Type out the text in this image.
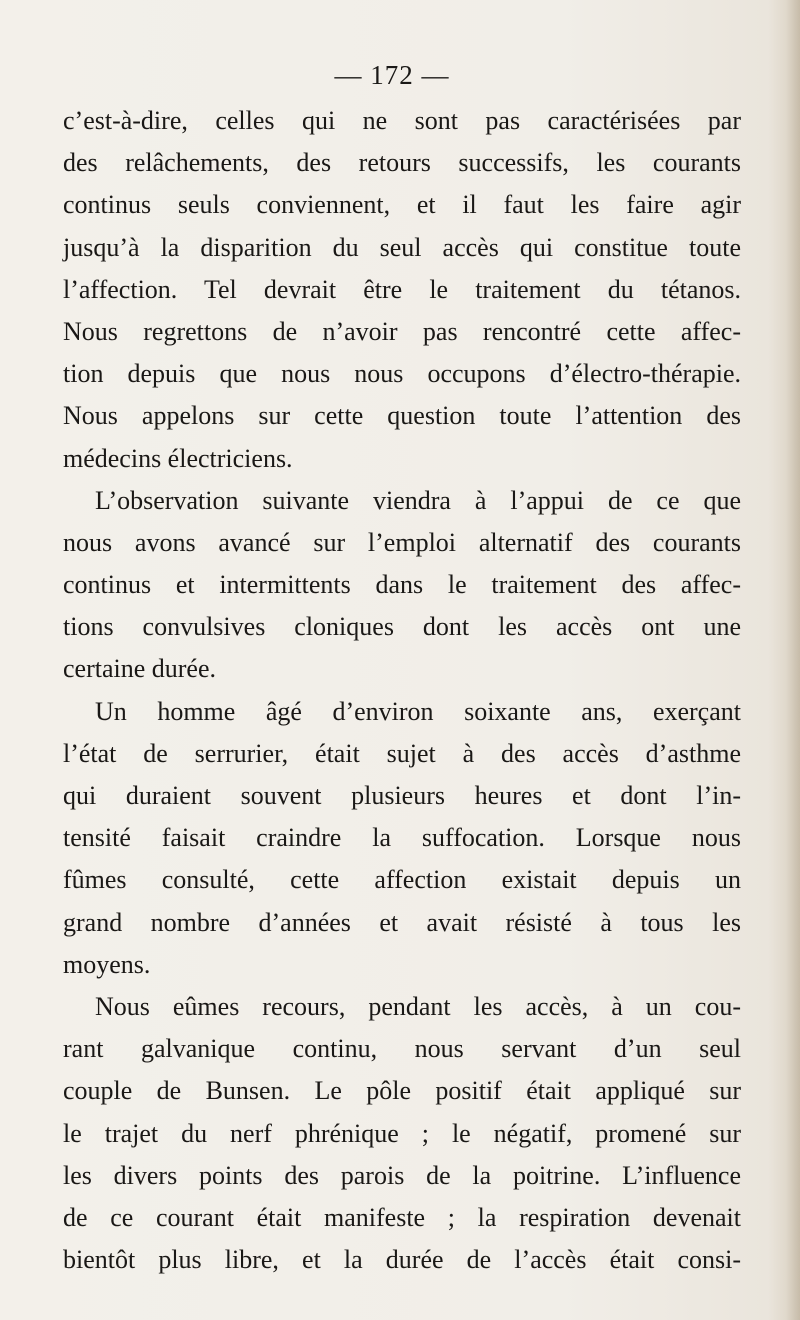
— 172 —
c’est-à-dire, celles qui ne sont pas caractérisées par
des relâchements, des retours successifs, les courants
continus seuls conviennent, et il faut les faire agir
jusqu’à la disparition du seul accès qui constitue toute
l’affection. Tel devrait être le traitement du tétanos.
Nous regrettons de n’avoir pas rencontré cette affec-
tion depuis que nous nous occupons d’électro-thérapie.
Nous appelons sur cette question toute l’attention des
médecins électriciens.
L’observation suivante viendra à l’appui de ce que
nous avons avancé sur l’emploi alternatif des courants
continus et intermittents dans le traitement des affec-
tions convulsives cloniques dont les accès ont une
certaine durée.
Un homme âgé d’environ soixante ans, exerçant
l’état de serrurier, était sujet à des accès d’asthme
qui duraient souvent plusieurs heures et dont l’in-
tensité faisait craindre la suffocation. Lorsque nous
fûmes consulté, cette affection existait depuis un
grand nombre d’années et avait résisté à tous les
moyens.
Nous eûmes recours, pendant les accès, à un cou-
rant galvanique continu, nous servant d’un seul
couple de Bunsen. Le pôle positif était appliqué sur
le trajet du nerf phrénique ; le négatif, promené sur
les divers points des parois de la poitrine. L’influence
de ce courant était manifeste ; la respiration devenait
bientôt plus libre, et la durée de l’accès était consi-
